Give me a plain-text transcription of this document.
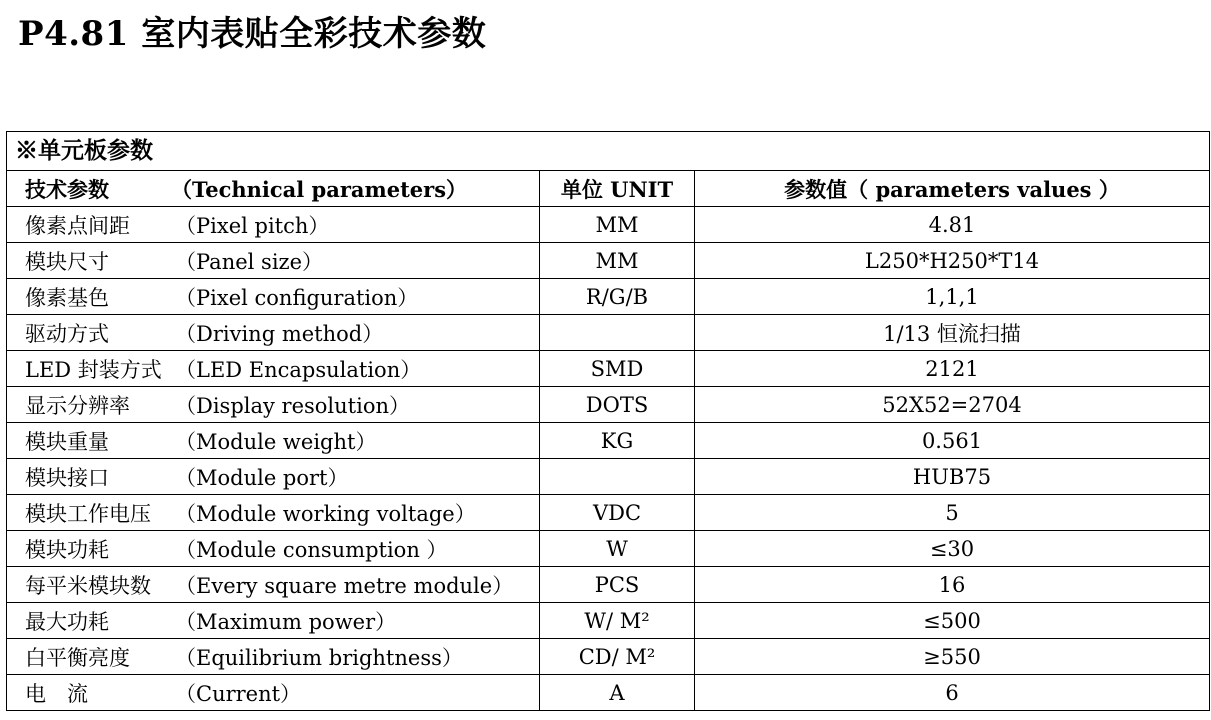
P4.81 室内表贴全彩技术参数
※单元板参数
技术参数 （Technical parameters）	单位 UNIT	参数值（ parameters values ）
像素点间距 （Pixel pitch）	MM	4.81
模块尺寸 （Panel size）	MM	L250*H250*T14
像素基色 （Pixel configuration）	R/G/B	1,1,1
驱动方式 （Driving method）		1/13 恒流扫描
LED 封装方式 （LED Encapsulation）	SMD	2121
显示分辨率 （Display resolution）	DOTS	52X52=2704
模块重量 （Module weight）	KG	0.561
模块接口 （Module port）		HUB75
模块工作电压 （Module working voltage）	VDC	5
模块功耗 （Module consumption ）	W	≤30
每平米模块数 （Every square metre module）	PCS	16
最大功耗 （Maximum power）	W/ M²	≤500
白平衡亮度 （Equilibrium brightness）	CD/ M²	≥550
电　流 （Current）	A	6
